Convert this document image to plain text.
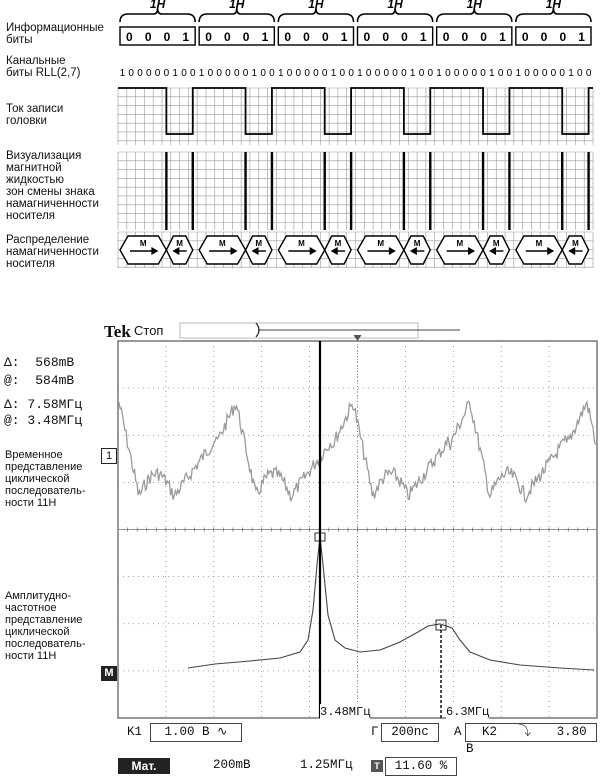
1H
0 0 0 1
1 0 0 0 0 0 1 0 0
1H
0 0 0 1
1 0 0 0 0 0 1 0 0
1H
0 0 0 1
1 0 0 0 0 0 1 0 0
1H
0 0 0 1
1 0 0 0 0 0 1 0 0
1H
0 0 0 1
1 0 0 0 0 0 1 0 0
1H
0 0 0 1
1 0 0 0 0 0 1 0 0
M	M	M	M	M	M	M	M	M	M	M	M
Информационные
биты
Канальные
биты RLL(2,7)
Ток записи
головки
Визуализация
магнитной
жидкостью
зон смены знака
намагниченности
носителя
Распределение
намагниченности
носителя
Tek Стоп
Δ: 568mB
@: 584mB
Δ: 7.58MГц
@: 3.48MГц
Временное
представление
циклической
последователь-
ности 11Н
Амплитудно-
частотное
представление
циклической
последователь-
ности 11Н
1
M
3.48МГц	6.3МГц
K1	1.00 B ∿	Г	200nc	A	K2 ⤵ 3.80 B
Мат.	200mB	1.25MГц	T	11.60 %
